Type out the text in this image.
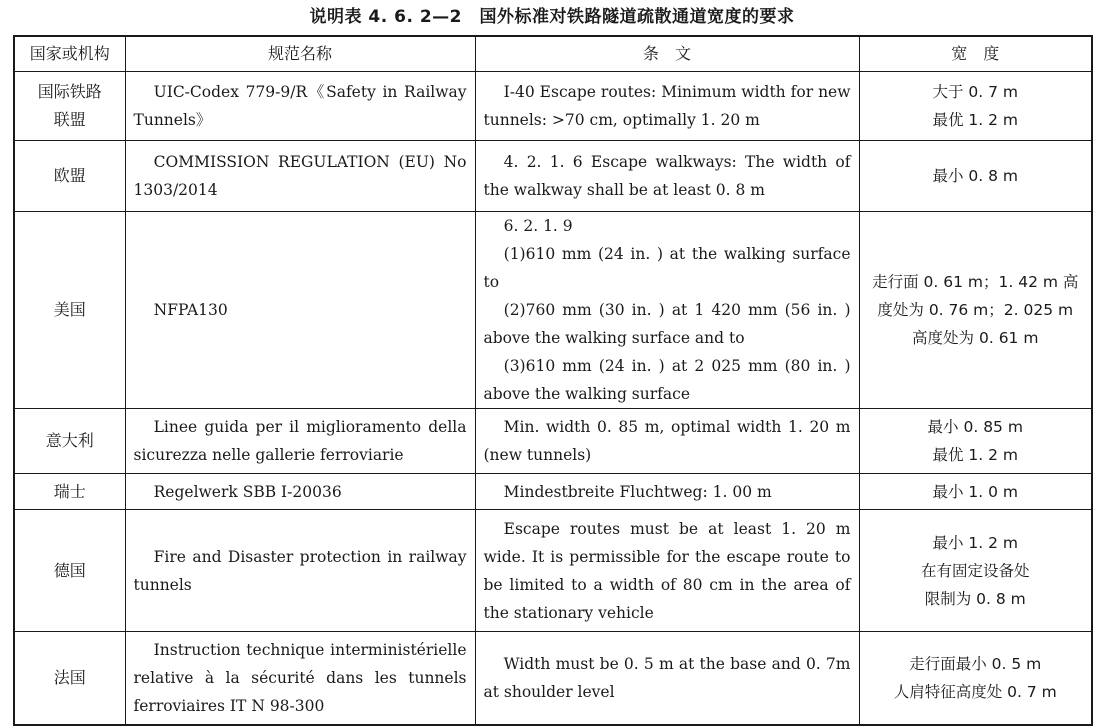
说明表 4. 6. 2—2　国外标准对铁路隧道疏散通道宽度的要求
国家或机构	规范名称	条　文	宽　度

国际铁路联盟	UIC-Codex 779-9/R《Safety in Railway Tunnels》	I-40 Escape routes: Minimum width for new tunnels: >70 cm, optimally 1. 20 m	大于 0. 7 m
最优 1. 2 m

欧盟	COMMISSION REGULATION (EU) No 1303/2014	4. 2. 1. 6 Escape walkways: The width of the walkway shall be at least 0. 8 m	最小 0. 8 m

美国	NFPA130	6. 2. 1. 9
(1)610 mm (24 in. ) at the walking surface to
(2)760 mm (30 in. ) at 1 420 mm (56 in. ) above the walking surface and to
(3)610 mm (24 in. ) at 2 025 mm (80 in. ) above the walking surface	走行面 0. 61 m；1. 42 m 高度处为 0. 76 m；2. 025 m 高度处为 0. 61 m

意大利	Linee guida per il miglioramento della sicurezza nelle gallerie ferroviarie	Min. width 0. 85 m, optimal width 1. 20 m (new tunnels)	最小 0. 85 m
最优 1. 2 m

瑞士	Regelwerk SBB I-20036	Mindestbreite Fluchtweg: 1. 00 m	最小 1. 0 m

德国	Fire and Disaster protection in railway tunnels	Escape routes must be at least 1. 20 m wide. It is permissible for the escape route to be limited to a width of 80 cm in the area of the stationary vehicle	最小 1. 2 m
在有固定设备处
限制为 0. 8 m

法国	Instruction technique interministérielle relative à la sécurité dans les tunnels ferroviaires IT N 98-300	Width must be 0. 5 m at the base and 0. 7m at shoulder level	走行面最小 0. 5 m
人肩特征高度处 0. 7 m
